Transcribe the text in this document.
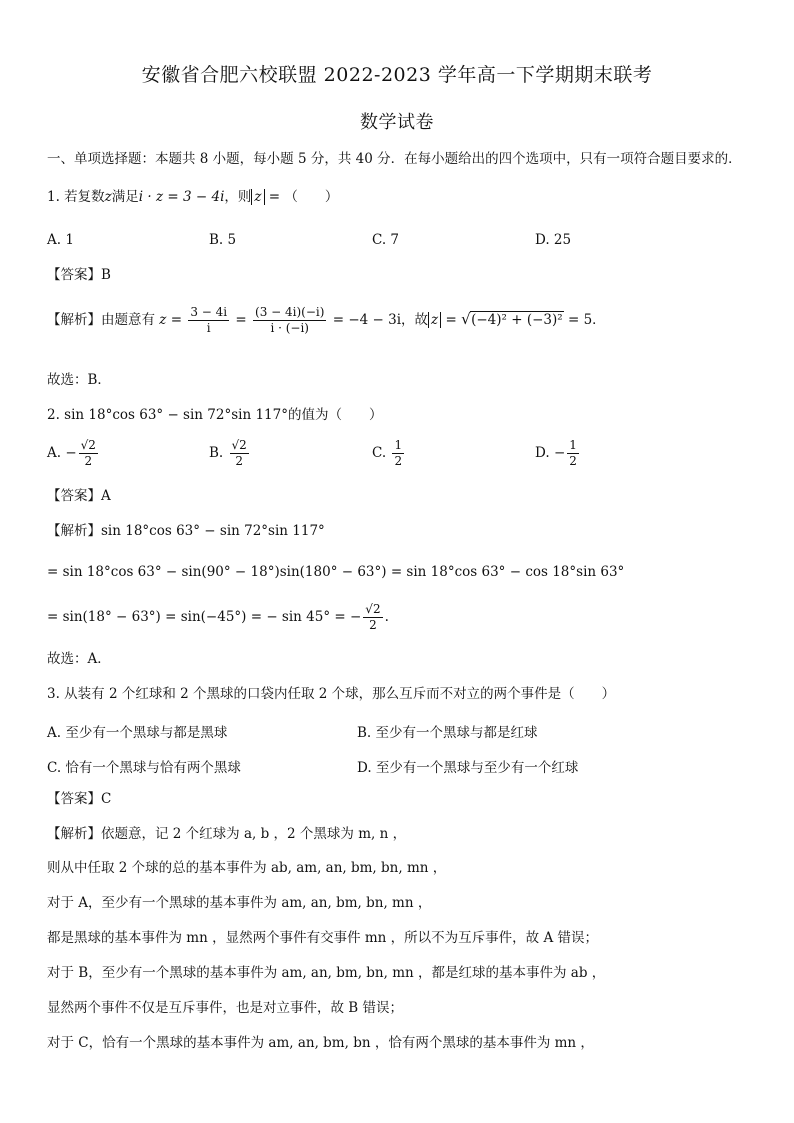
安徽省合肥六校联盟 2022-2023 学年高一下学期期末联考
数学试卷
一、单项选择题：本题共 8 小题，每小题 5 分，共 40 分．在每小题给出的四个选项中，只有一项符合题目要求的．
1. 若复数z满足i · z = 3 − 4i，则 z = （　　）
A. 1	B. 5	C. 7	D. 25
【答案】B
【解析】由题意有 $z = \frac{3 - 4i}{i} = \frac{(3 - 4i)(-i)}{i \cdot (-i)} = -4 - 3i$，故 z = √ (−4)² + (−3)² = 5．
故选：B．
2. sin 18°cos 63° − sin 72°sin 117°的值为（　　）
A. − $\frac{√2}{2}$	B. $\frac{√2}{2}$	C. $\frac{1}{2}$	D. − $\frac{1}{2}$
【答案】A
【解析】sin 18°cos 63° − sin 72°sin 117°
= sin 18°cos 63° − sin(90° − 18°)sin(180° − 63°) = sin 18°cos 63° − cos 18°sin 63°
= sin(18° − 63°) = sin(−45°) = − sin 45° = − $\frac{√2}{2}$ .
故选：A．
3. 从装有 2 个红球和 2 个黑球的口袋内任取 2 个球，那么互斥而不对立的两个事件是（　　）
A. 至少有一个黑球与都是黑球	B. 至少有一个黑球与都是红球
C. 恰有一个黑球与恰有两个黑球	D. 至少有一个黑球与至少有一个红球
【答案】C
【解析】依题意，记 2 个红球为 a, b ，2 个黑球为 m, n ，
则从中任取 2 个球的总的基本事件为 ab, am, an, bm, bn, mn ，
对于 A，至少有一个黑球的基本事件为 am, an, bm, bn, mn ，
都是黑球的基本事件为 mn ，显然两个事件有交事件 mn ，所以不为互斥事件，故 A 错误；
对于 B，至少有一个黑球的基本事件为 am, an, bm, bn, mn ，都是红球的基本事件为 ab ，
显然两个事件不仅是互斥事件，也是对立事件，故 B 错误；
对于 C，恰有一个黑球的基本事件为 am, an, bm, bn ，恰有两个黑球的基本事件为 mn ，
